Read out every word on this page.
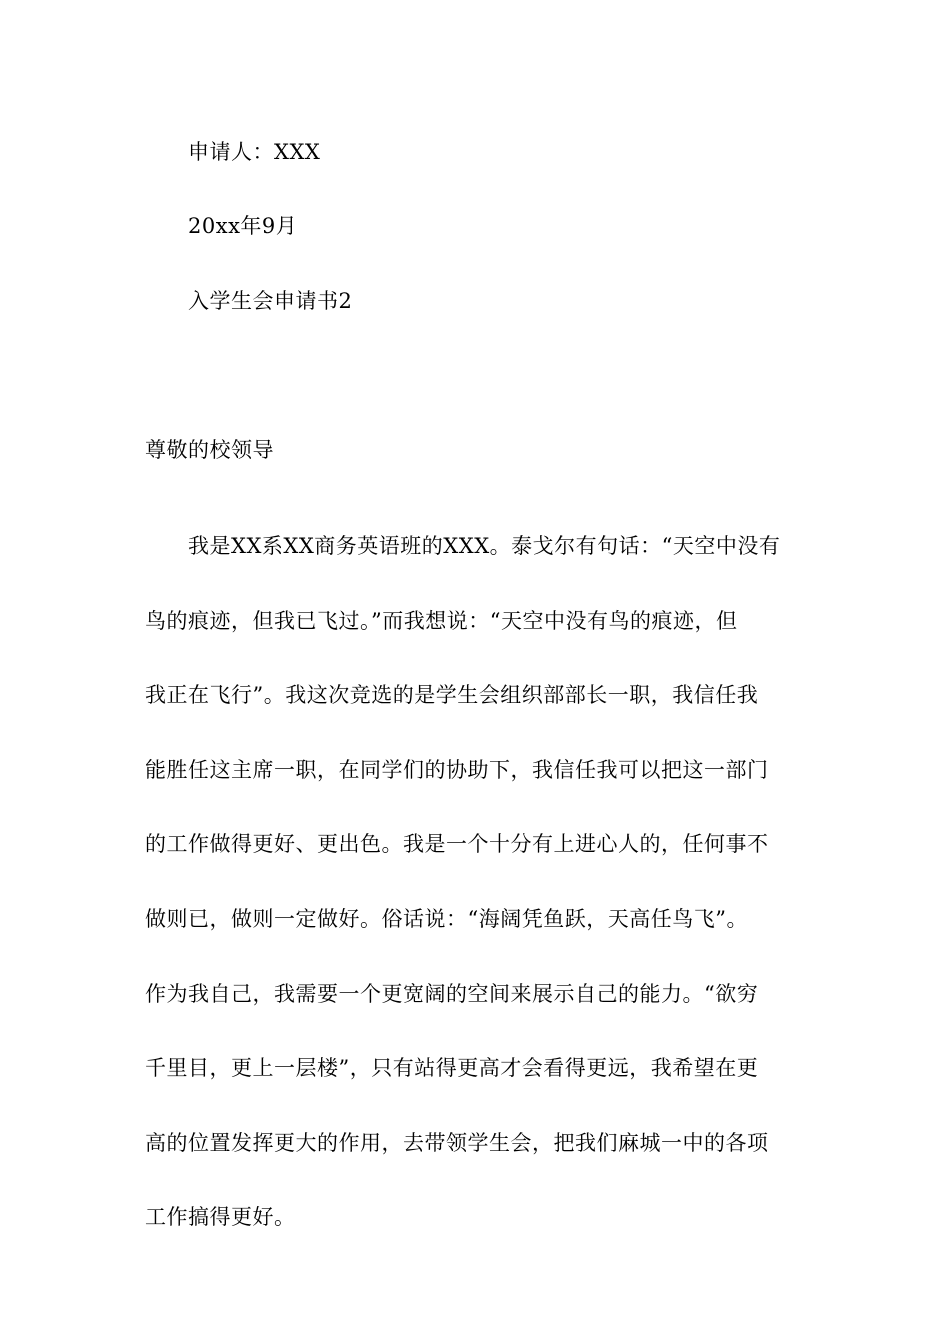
申请人：XXX
20xx年9月
入学生会申请书2
尊敬的校领导
我是XX系XX商务英语班的XXX。泰戈尔有句话：“天空中没有
鸟的痕迹，但我已飞过。”而我想说：“天空中没有鸟的痕迹，但
我正在飞行”。我这次竞选的是学生会组织部部长一职，我信任我
能胜任这主席一职，在同学们的协助下，我信任我可以把这一部门
的工作做得更好、更出色。我是一个十分有上进心人的，任何事不
做则已，做则一定做好。俗话说：“海阔凭鱼跃，天高任鸟飞”。
作为我自己，我需要一个更宽阔的空间来展示自己的能力。“欲穷
千里目，更上一层楼”，只有站得更高才会看得更远，我希望在更
高的位置发挥更大的作用，去带领学生会，把我们麻城一中的各项
工作搞得更好。
